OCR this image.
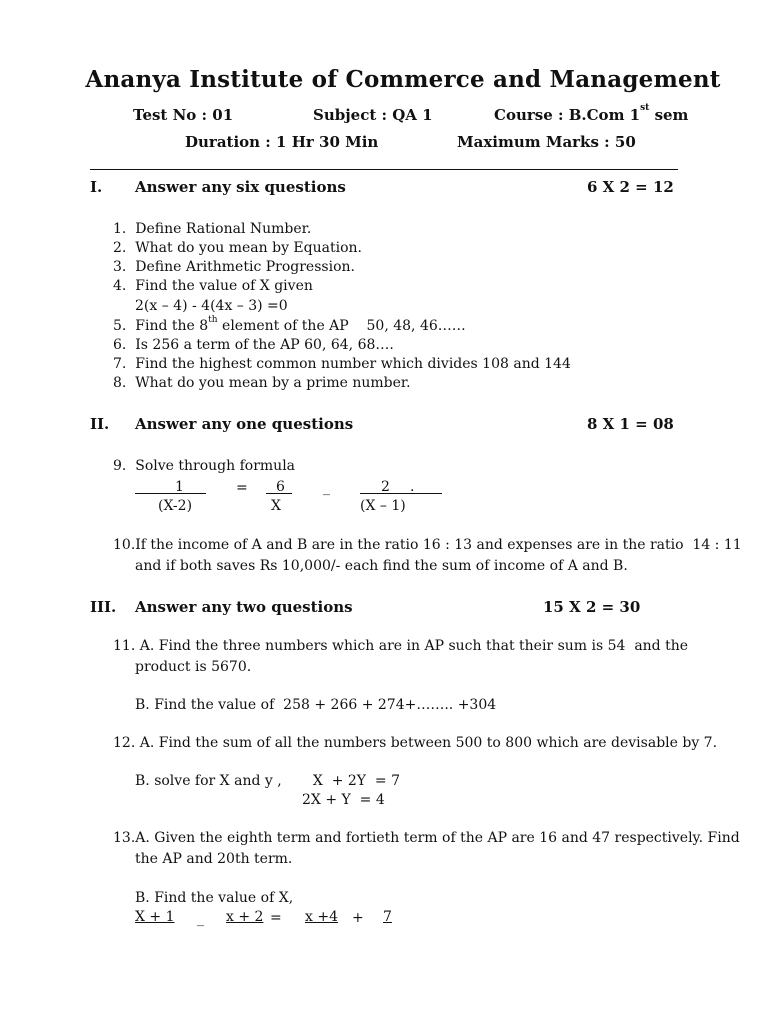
Ananya Institute of Commerce and Management
Test No : 01	Subject : QA 1	Course : B.Com 1st sem
Duration : 1 Hr 30 Min	Maximum Marks : 50
I. Answer any six questions	6 X 2 = 12
1.  Define Rational Number.
2.  What do you mean by Equation.
3.  Define Arithmetic Progression.
4.  Find the value of X given
2(x – 4) - 4(4x – 3) =0
5.  Find the 8th element of the AP    50, 48, 46……
6.  Is 256 a term of the AP 60, 64, 68….
7.  Find the highest common number which divides 108 and 144
8.  What do you mean by a prime number.
II. Answer any one questions	8 X 1 = 08
9.  Solve through formula
1	= 6	_	2 .
(X-2)	X	(X – 1)
10.If the income of A and B are in the ratio 16 : 13 and expenses are in the ratio  14 : 11
and if both saves Rs 10,000/- each find the sum of income of A and B.
III. Answer any two questions	15 X 2 = 30
11. A. Find the three numbers which are in AP such that their sum is 54  and the
product is 5670.
B. Find the value of  258 + 266 + 274+…….. +304
12. A. Find the sum of all the numbers between 500 to 800 which are devisable by 7.
B. solve for X and y ,       X  + 2Y  = 7
2X + Y  = 4
13.A. Given the eighth term and fortieth term of the AP are 16 and 47 respectively. Find
the AP and 20th term.
B. Find the value of X,
X + 1 _ x + 2 = x +4 + 7
